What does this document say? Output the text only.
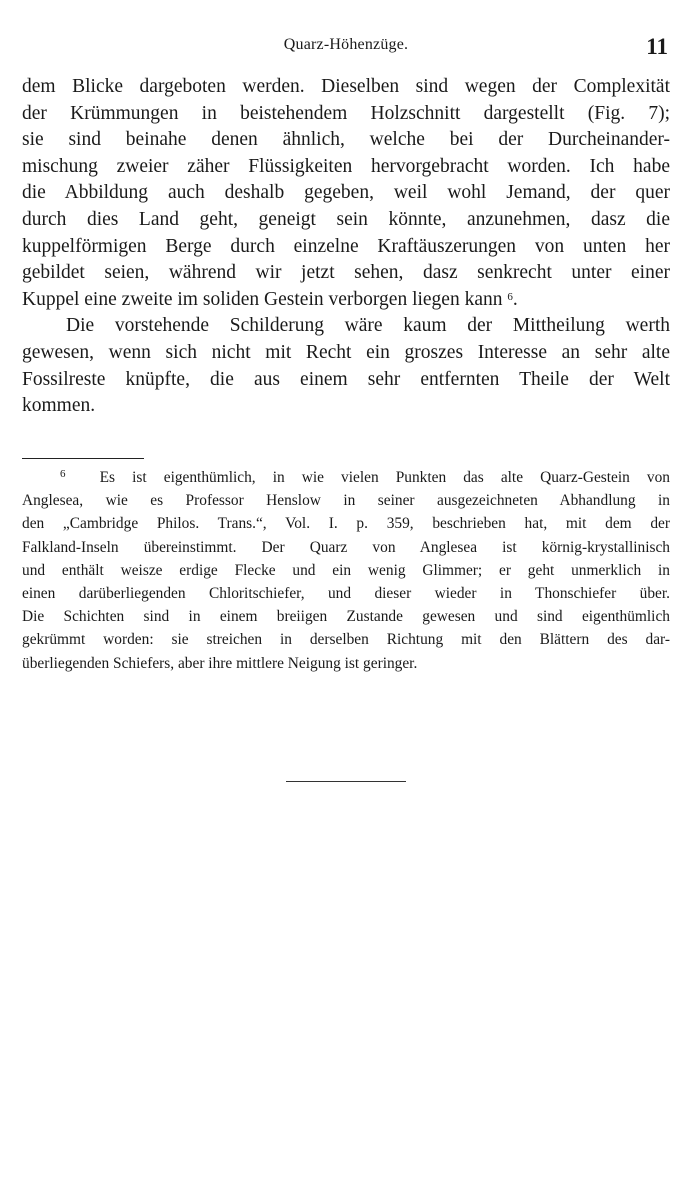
Quarz-Höhenzüge.	11
dem Blicke dargeboten werden. Dieselben sind wegen der Complexität
der Krümmungen in beistehendem Holzschnitt dargestellt (Fig. 7);
sie sind beinahe denen ähnlich, welche bei der Durcheinander-
mischung zweier zäher Flüssigkeiten hervorgebracht worden. Ich habe
die Abbildung auch deshalb gegeben, weil wohl Jemand, der quer
durch dies Land geht, geneigt sein könnte, anzunehmen, dasz die
kuppelförmigen Berge durch einzelne Kraftäuszerungen von unten her
gebildet seien, während wir jetzt sehen, dasz senkrecht unter einer
Kuppel eine zweite im soliden Gestein verborgen liegen kann $^6$.
Die vorstehende Schilderung wäre kaum der Mittheilung werth
gewesen, wenn sich nicht mit Recht ein groszes Interesse an sehr alte
Fossilreste knüpfte, die aus einem sehr entfernten Theile der Welt
kommen.
$^6$ Es ist eigenthümlich, in wie vielen Punkten das alte Quarz-Gestein von
Anglesea, wie es Professor Henslow in seiner ausgezeichneten Abhandlung in
den „Cambridge Philos. Trans.“, Vol. I. p. 359, beschrieben hat, mit dem der
Falkland-Inseln übereinstimmt. Der Quarz von Anglesea ist körnig-krystallinisch
und enthält weisze erdige Flecke und ein wenig Glimmer; er geht unmerklich in
einen darüberliegenden Chloritschiefer, und dieser wieder in Thonschiefer über.
Die Schichten sind in einem breiigen Zustande gewesen und sind eigenthümlich
gekrümmt worden: sie streichen in derselben Richtung mit den Blättern des dar-
überliegenden Schiefers, aber ihre mittlere Neigung ist geringer.
